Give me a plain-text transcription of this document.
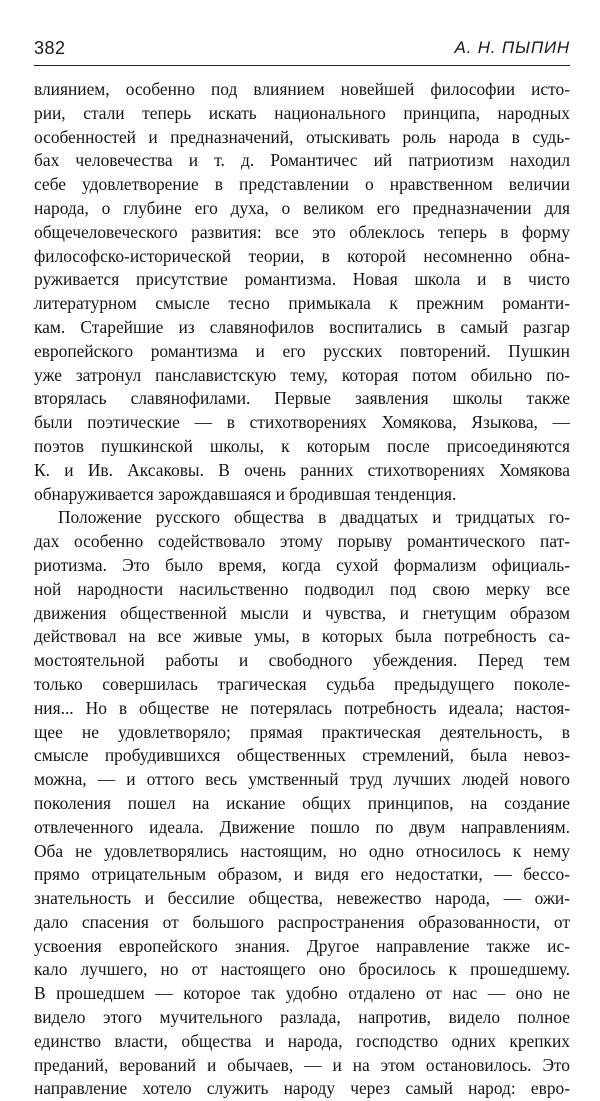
382	А. Н. ПЫПИН
влиянием, особенно под влиянием новейшей философии исто-
рии, стали теперь искать национального принципа, народных
особенностей и предназначений, отыскивать роль народа в судь-
бах человечества и т. д. Романтичес ий патриотизм находил
себе удовлетворение в представлении о нравственном величии
народа, о глубине его духа, о великом его предназначении для
общечеловеческого развития: все это облеклось теперь в форму
философско-исторической теории, в которой несомненно обна-
руживается присутствие романтизма. Новая школа и в чисто
литературном смысле тесно примыкала к прежним романти-
кам. Старейшие из славянофилов воспитались в самый разгар
европейского романтизма и его русских повторений. Пушкин
уже затронул панславистскую тему, которая потом обильно по-
вторялась славянофилами. Первые заявления школы также
были поэтические — в стихотворениях Хомякова, Языкова, —
поэтов пушкинской школы, к которым после присоединяются
К. и Ив. Аксаковы. В очень ранних стихотворениях Хомякова
обнаруживается зарождавшаяся и бродившая тенденция.
Положение русского общества в двадцатых и тридцатых го-
дах особенно содействовало этому порыву романтического пат-
риотизма. Это было время, когда сухой формализм официаль-
ной народности насильственно подводил под свою мерку все
движения общественной мысли и чувства, и гнетущим образом
действовал на все живые умы, в которых была потребность са-
мостоятельной работы и свободного убеждения. Перед тем
только совершилась трагическая судьба предыдущего поколе-
ния... Но в обществе не потерялась потребность идеала; настоя-
щее не удовлетворяло; прямая практическая деятельность, в
смысле пробудившихся общественных стремлений, была невоз-
можна, — и оттого весь умственный труд лучших людей нового
поколения пошел на искание общих принципов, на создание
отвлеченного идеала. Движение пошло по двум направлениям.
Оба не удовлетворялись настоящим, но одно относилось к нему
прямо отрицательным образом, и видя его недостатки, — бессо-
знательность и бессилие общества, невежество народа, — ожи-
дало спасения от большого распространения образованности, от
усвоения европейского знания. Другое направление также ис-
кало лучшего, но от настоящего оно бросилось к прошедшему.
В прошедшем — которое так удобно отдалено от нас — оно не
видело этого мучительного разлада, напротив, видело полное
единство власти, общества и народа, господство одних крепких
преданий, верований и обычаев, — и на этом остановилось. Это
направление хотело служить народу через самый народ: евро-
